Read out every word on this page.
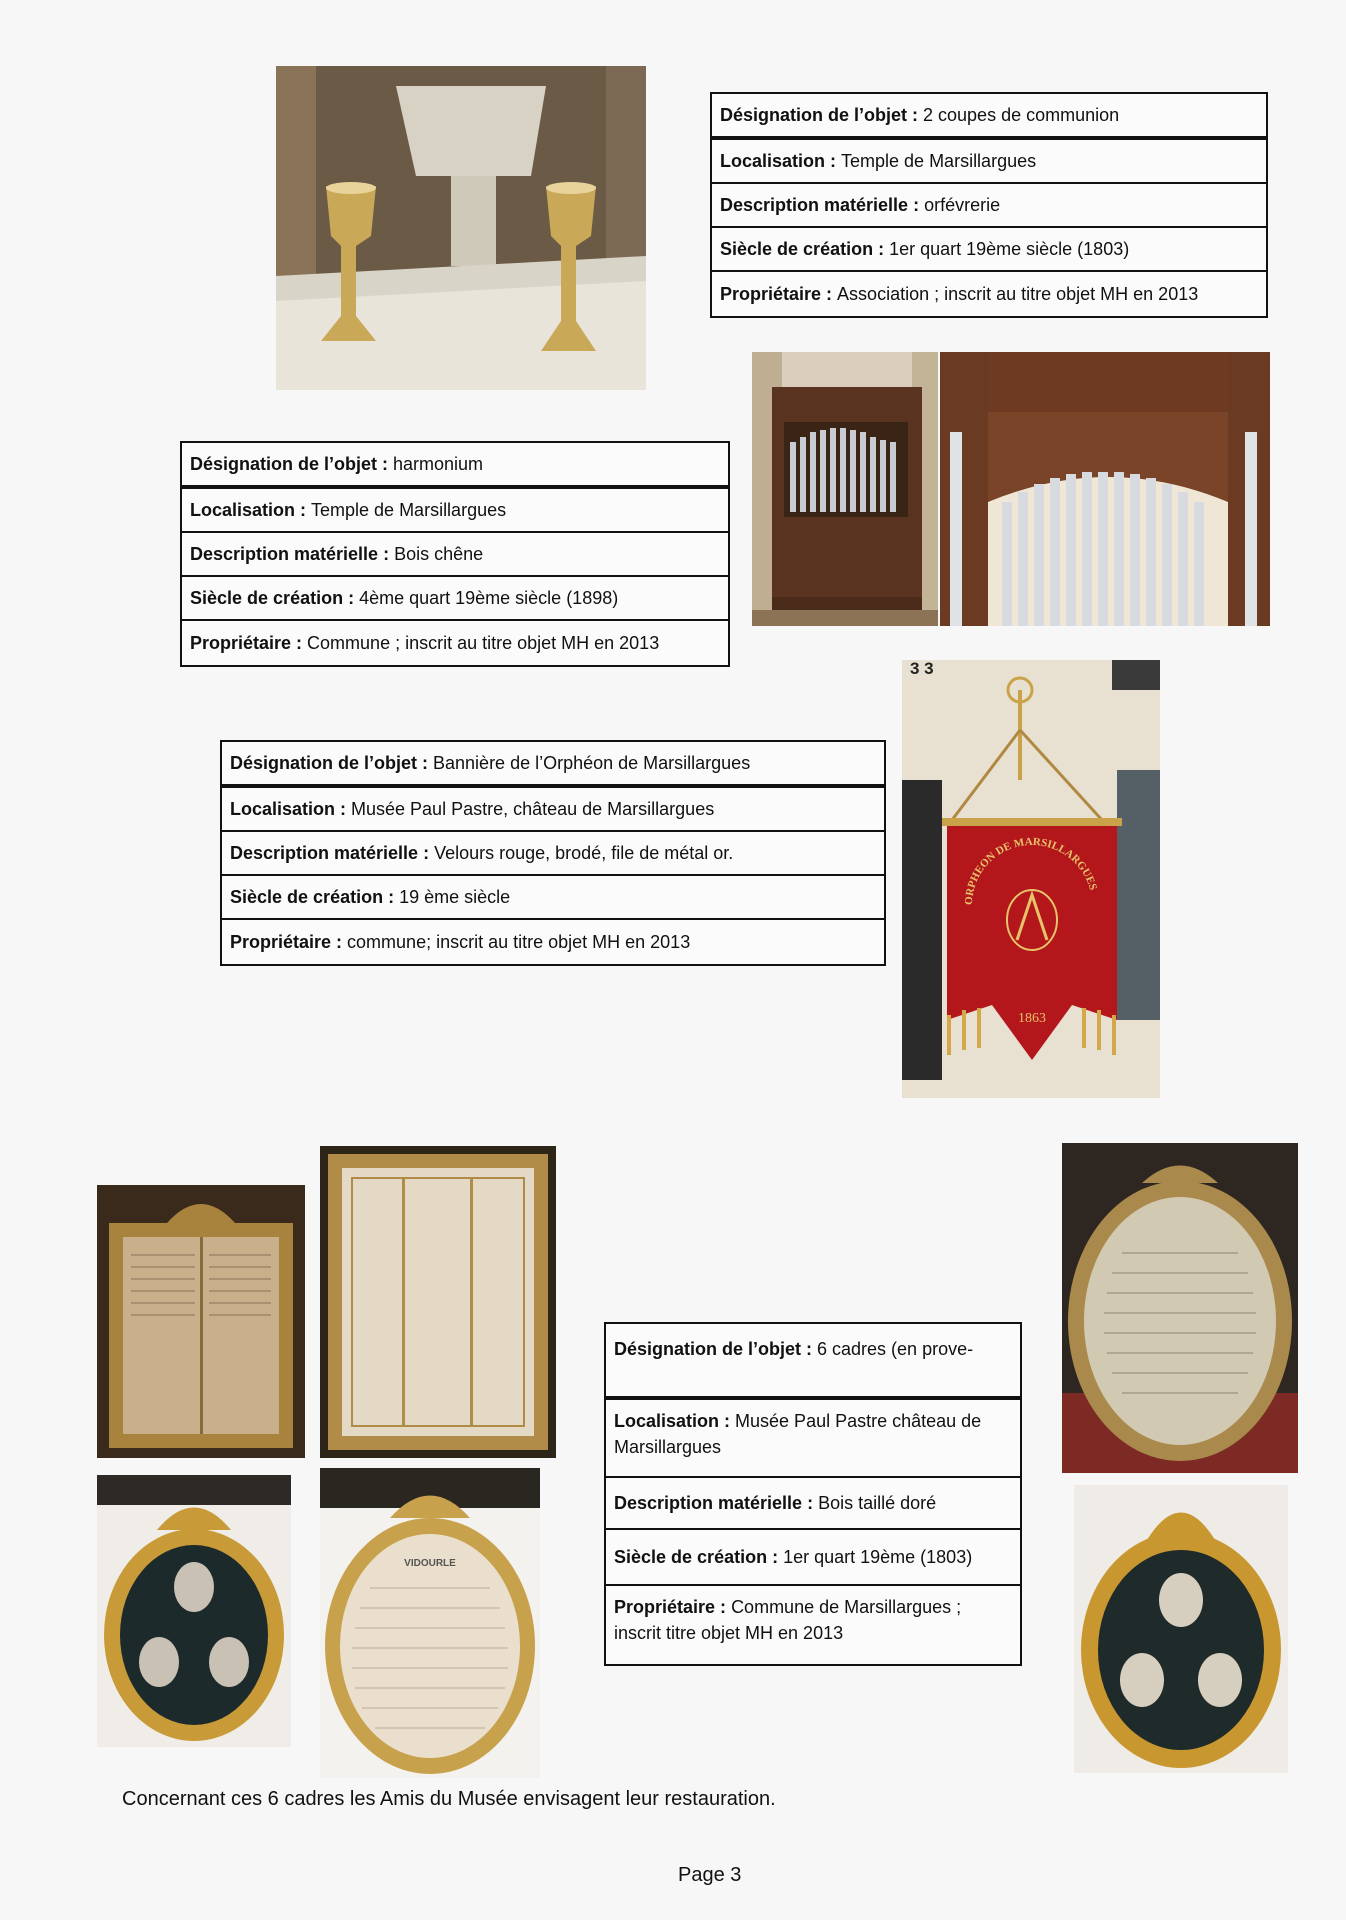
Désignation de l’objet : 2 coupes de communion
Localisation : Temple de Marsillargues
Description matérielle : orfévrerie
Siècle de création : 1er quart 19ème siècle (1803)
Propriétaire : Association ; inscrit au titre objet MH en 2013
Désignation de l’objet : harmonium
Localisation : Temple de Marsillargues
Description matérielle : Bois chêne
Siècle de création : 4ème quart 19ème siècle (1898)
Propriétaire : Commune ; inscrit au titre objet MH en 2013
3 3
ORPHEON DE MARSILLARGUES
1863
Désignation de l’objet : Bannière de l’Orphéon de Marsillargues
Localisation : Musée Paul Pastre, château de Marsillargues
Description matérielle : Velours rouge, brodé, file de métal or.
Siècle de création : 19 ème siècle
Propriétaire : commune; inscrit au titre objet MH en 2013
VIDOURLE
Désignation de l’objet : 6 cadres (en prove-
Localisation : Musée Paul Pastre château de Marsillargues
Description matérielle : Bois taillé doré
Siècle de création : 1er quart 19ème (1803)
Propriétaire : Commune de Marsillargues ; inscrit titre objet MH en 2013
Concernant ces 6 cadres les Amis du Musée envisagent leur restauration.
Page 3
